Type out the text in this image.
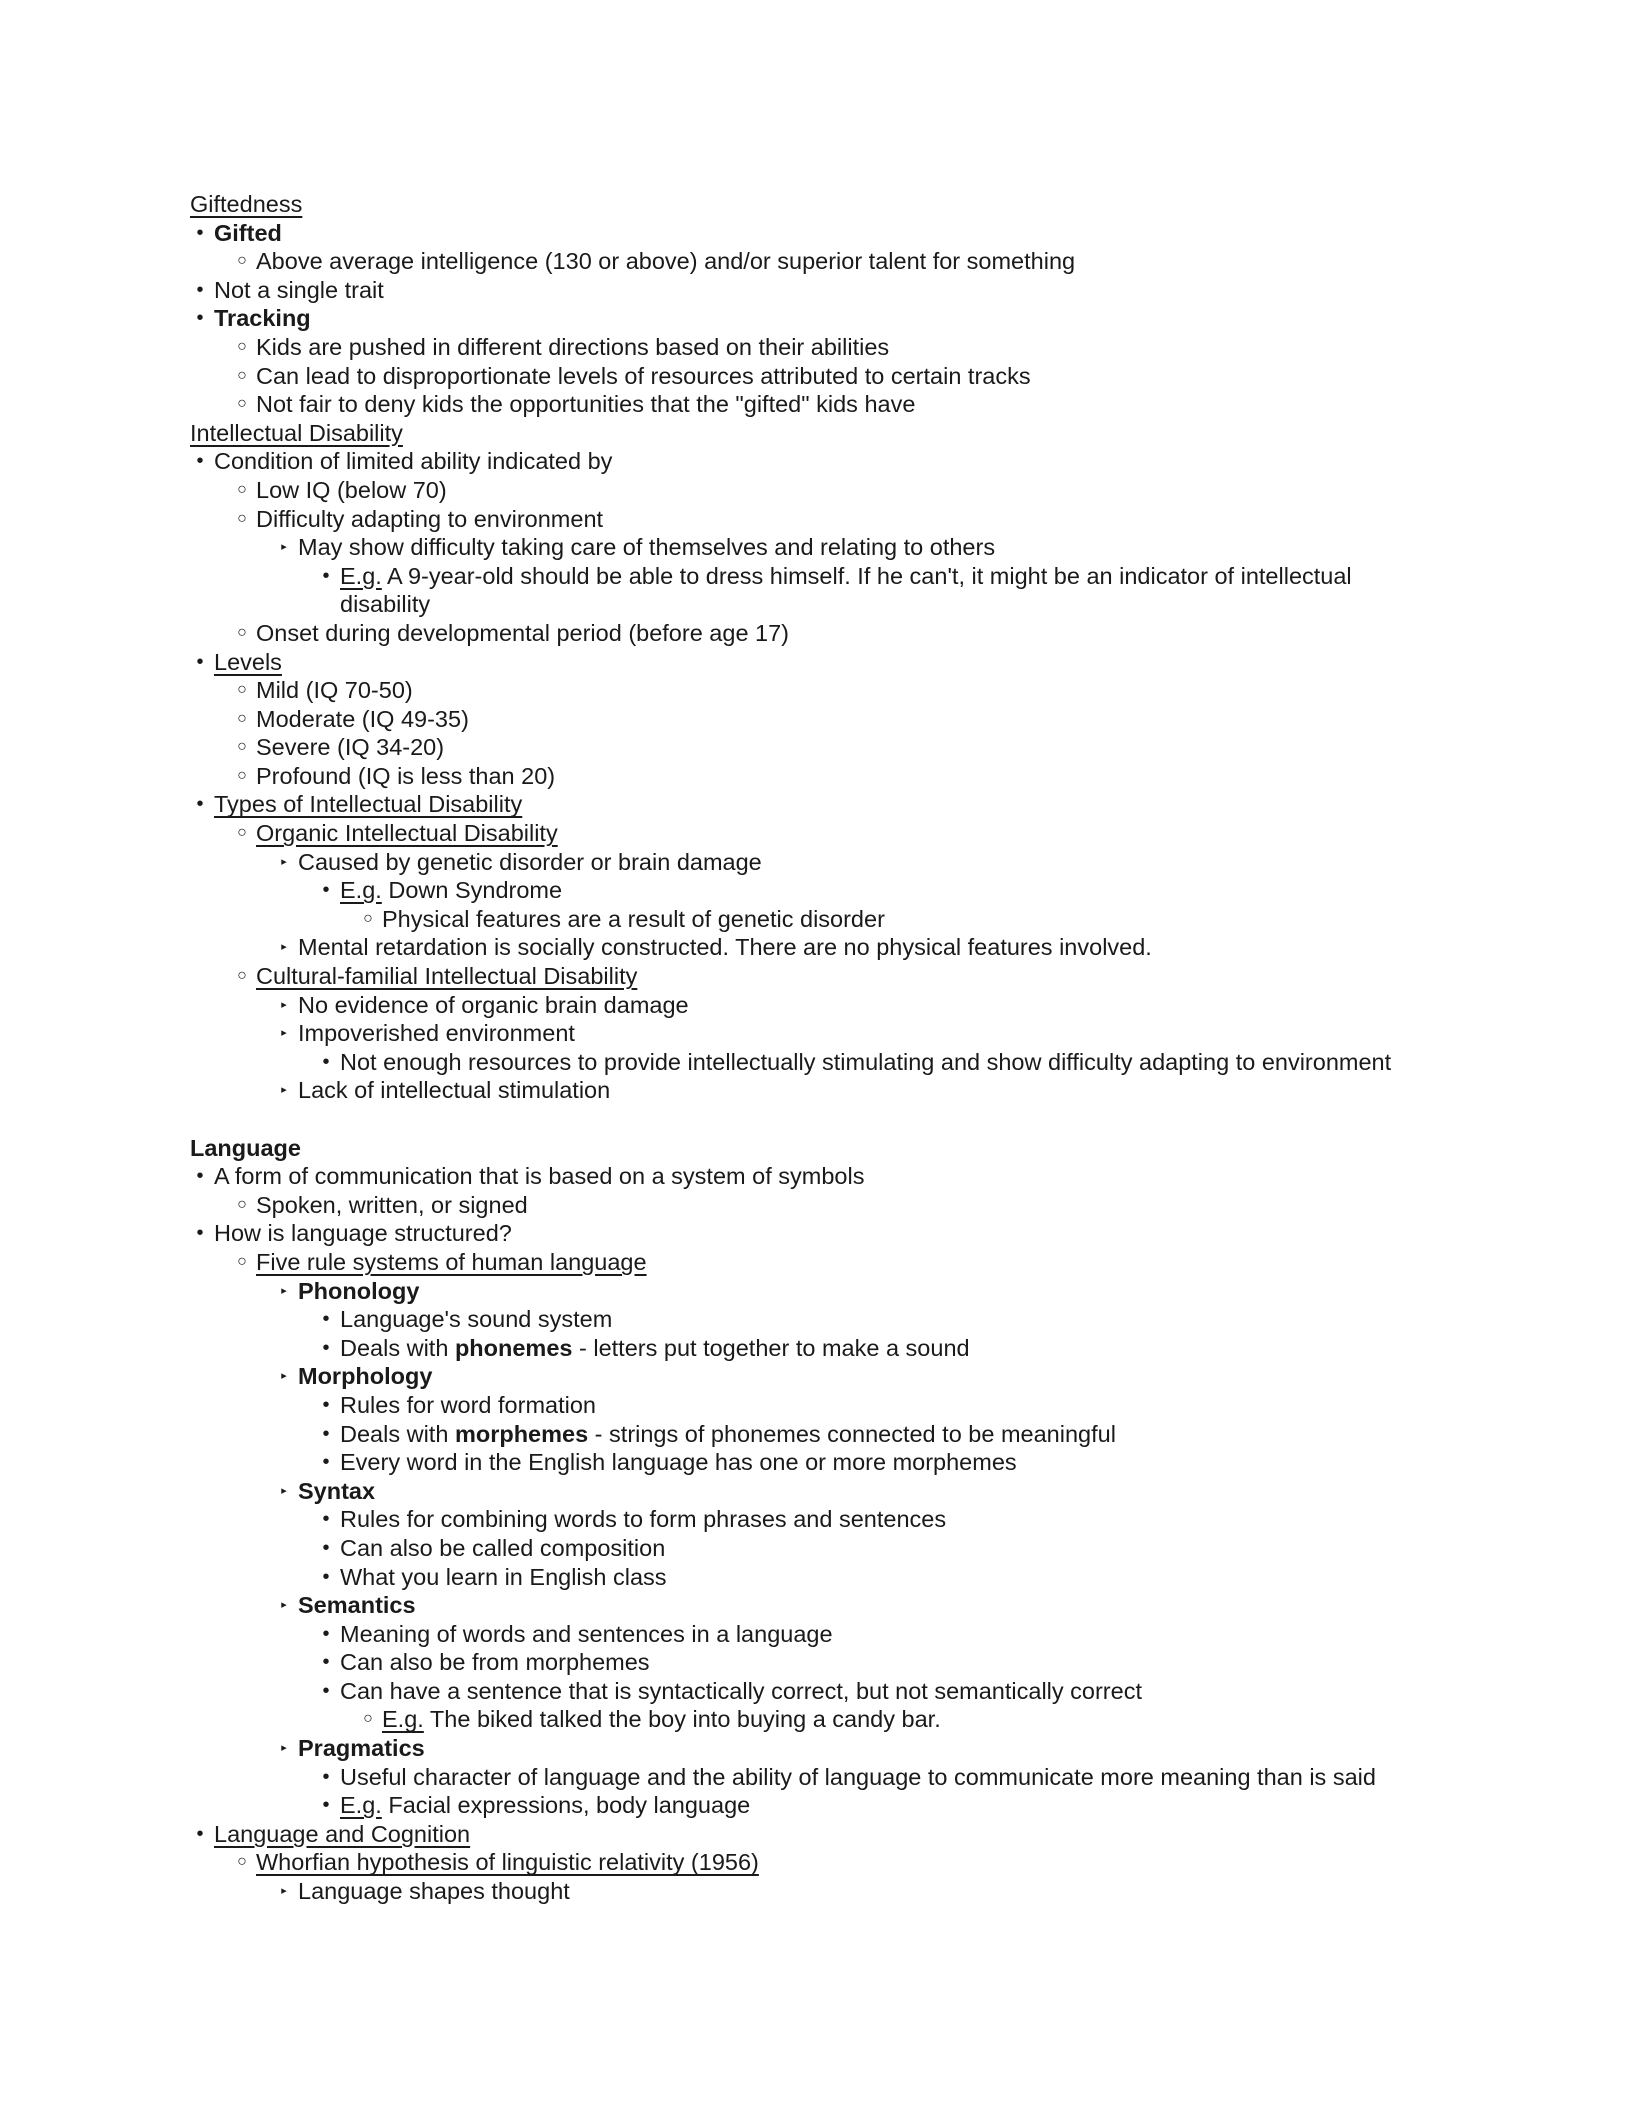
Giftedness
• Gifted
○ Above average intelligence (130 or above) and/or superior talent for something
• Not a single trait
• Tracking
○ Kids are pushed in different directions based on their abilities
○ Can lead to disproportionate levels of resources attributed to certain tracks
○ Not fair to deny kids the opportunities that the "gifted" kids have
Intellectual Disability
• Condition of limited ability indicated by
○ Low IQ (below 70)
○ Difficulty adapting to environment
▸ May show difficulty taking care of themselves and relating to others
• E.g. A 9-year-old should be able to dress himself. If he can't, it might be an indicator of intellectual
disability
○ Onset during developmental period (before age 17)
• Levels
○ Mild (IQ 70-50)
○ Moderate (IQ 49-35)
○ Severe (IQ 34-20)
○ Profound (IQ is less than 20)
• Types of Intellectual Disability
○ Organic Intellectual Disability
▸ Caused by genetic disorder or brain damage
• E.g. Down Syndrome
○ Physical features are a result of genetic disorder
▸ Mental retardation is socially constructed. There are no physical features involved.
○ Cultural-familial Intellectual Disability
▸ No evidence of organic brain damage
▸ Impoverished environment
• Not enough resources to provide intellectually stimulating and show difficulty adapting to environment
▸ Lack of intellectual stimulation
Language
• A form of communication that is based on a system of symbols
○ Spoken, written, or signed
• How is language structured?
○ Five rule systems of human language
▸ Phonology
• Language's sound system
• Deals with phonemes - letters put together to make a sound
▸ Morphology
• Rules for word formation
• Deals with morphemes - strings of phonemes connected to be meaningful
• Every word in the English language has one or more morphemes
▸ Syntax
• Rules for combining words to form phrases and sentences
• Can also be called composition
• What you learn in English class
▸ Semantics
• Meaning of words and sentences in a language
• Can also be from morphemes
• Can have a sentence that is syntactically correct, but not semantically correct
○ E.g. The biked talked the boy into buying a candy bar.
▸ Pragmatics
• Useful character of language and the ability of language to communicate more meaning than is said
• E.g. Facial expressions, body language
• Language and Cognition
○ Whorfian hypothesis of linguistic relativity (1956)
▸ Language shapes thought
